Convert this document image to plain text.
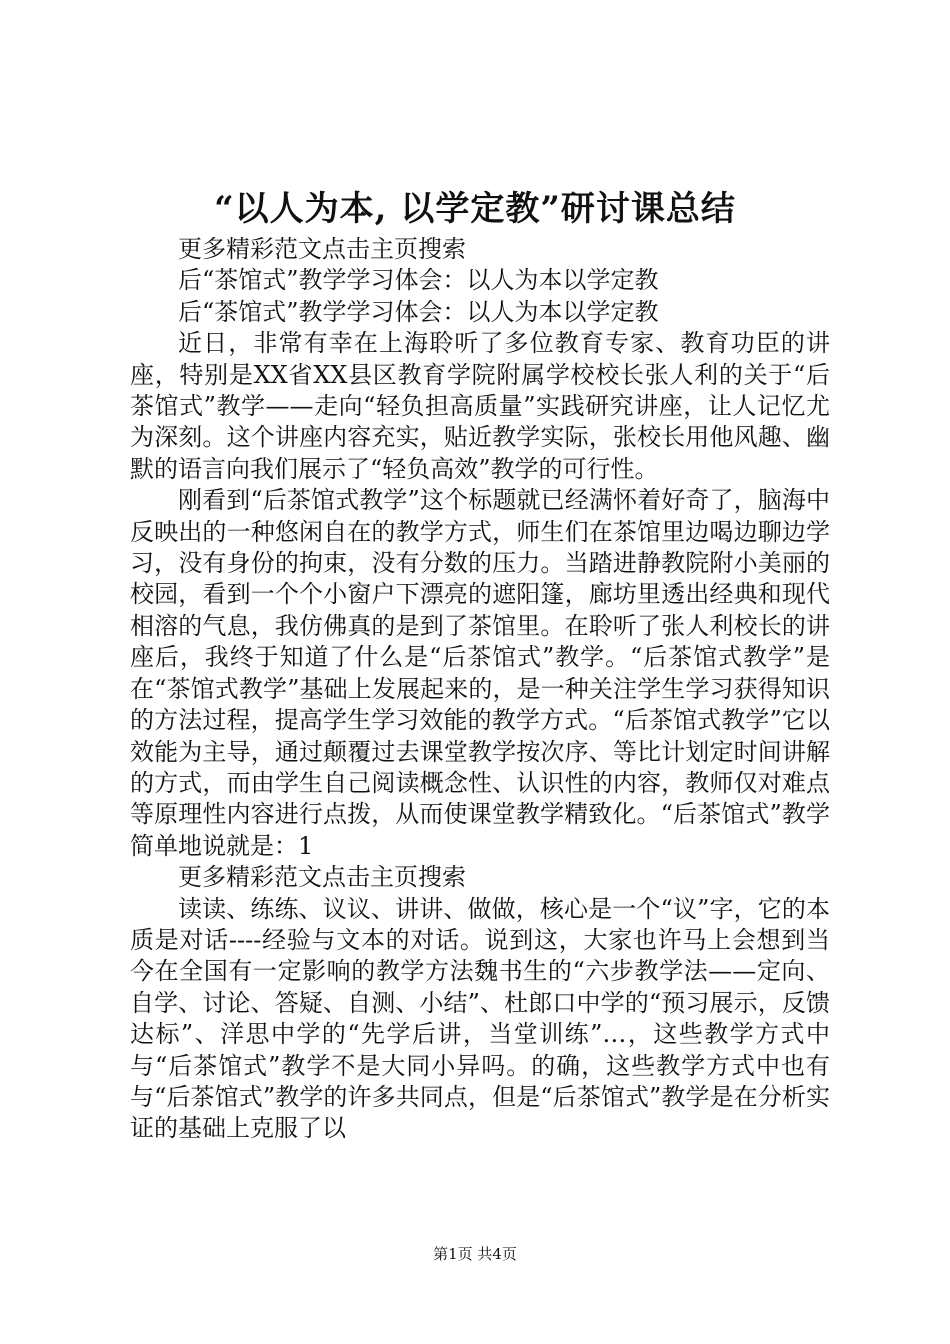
“以人为本, 以学定教”研讨课总结

更多精彩范文点击主页搜索

后“茶馆式”教学学习体会：以人为本以学定教

后“茶馆式”教学学习体会：以人为本以学定教

近日，非常有幸在上海聆听了多位教育专家、教育功臣的讲座，特别是XX省XX县区教育学院附属学校校长张人利的关于“后茶馆式”教学——走向“轻负担高质量”实践研究讲座，让人记忆尤为深刻。这个讲座内容充实，贴近教学实际，张校长用他风趣、幽默的语言向我们展示了“轻负高效”教学的可行性。

刚看到“后茶馆式教学”这个标题就已经满怀着好奇了，脑海中反映出的一种悠闲自在的教学方式，师生们在茶馆里边喝边聊边学习，没有身份的拘束，没有分数的压力。当踏进静教院附小美丽的校园，看到一个个小窗户下漂亮的遮阳篷，廊坊里透出经典和现代相溶的气息，我仿佛真的是到了茶馆里。在聆听了张人利校长的讲座后，我终于知道了什么是“后茶馆式”教学。“后茶馆式教学”是在“茶馆式教学”基础上发展起来的，是一种关注学生学习获得知识的方法过程，提高学生学习效能的教学方式。“后茶馆式教学”它以效能为主导，通过颠覆过去课堂教学按次序、等比计划定时间讲解的方式，而由学生自己阅读概念性、认识性的内容，教师仅对难点等原理性内容进行点拨，从而使课堂教学精致化。“后茶馆式”教学简单地说就是：1

更多精彩范文点击主页搜索

读读、练练、议议、讲讲、做做，核心是一个“议”字，它的本质是对话----经验与文本的对话。说到这，大家也许马上会想到当今在全国有一定影响的教学方法魏书生的“六步教学法——定向、自学、讨论、答疑、自测、小结”、杜郎口中学的“预习展示，反馈达标”、洋思中学的“先学后讲，当堂训练”…，这些教学方式中与“后茶馆式”教学不是大同小异吗。的确，这些教学方式中也有与“后茶馆式”教学的许多共同点，但是“后茶馆式”教学是在分析实证的基础上克服了以

第1页 共4页
